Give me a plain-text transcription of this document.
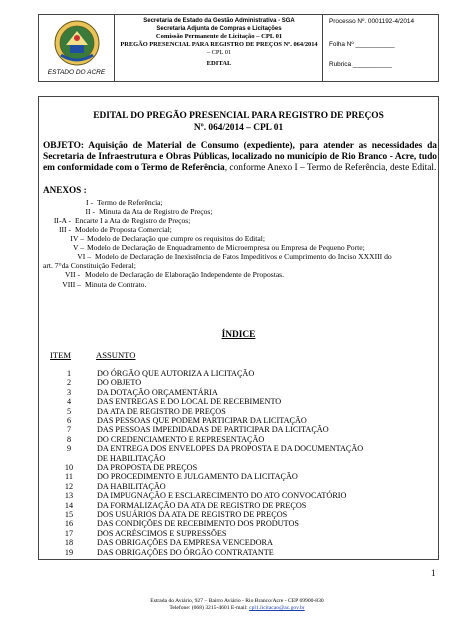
ESTADO DO ACRE
Secretaria de Estado da Gestão Administrativa - SGA
Secretaria Adjunta de Compras e Licitações
Comissão Permanente de Licitação – CPL 01
PREGÃO PRESENCIAL PARA REGISTRO DE PREÇOS Nº. 064/2014
– CPL 01
EDITAL
Processo Nº. 0001192-4/2014
Folha Nº ___________
Rubrica ___________
EDITAL DO PREGÃO PRESENCIAL PARA REGISTRO DE PREÇOS
Nº. 064/2014 – CPL 01
OBJETO: Aquisição de Material de Consumo (expediente), para atender as necessidades da Secretaria de Infraestrutura e Obras Públicas, localizado no município de Rio Branco - Acre, tudo em conformidade com o Termo de Referência, conforme Anexo I – Termo de Referência, deste Edital.
ANEXOS :
I - Termo de Referência;
II - Minuta da Ata de Registro de Preços;
II-A - Encarte I a Ata de Registro de Preços;
III - Modelo de Proposta Comercial;
IV – Modelo de Declaração que cumpre os requisitos do Edital;
V – Modelo de Declaração de Enquadramento de Microempresa ou Empresa de Pequeno Porte;
VI – Modelo de Declaração de Inexistência de Fatos Impeditivos e Cumprimento do Inciso XXXIII do
art. 7°da Constituição Federal;
VII - Modelo de Declaração de Elaboração Independente de Propostas.
VIII – Minuta de Contrato.
ÍNDICE
ITEM	ASSUNTO
1	DO ÓRGÃO QUE AUTORIZA A LICITAÇÃO
2	DO OBJETO
3	DA DOTAÇÃO ORÇAMENTÁRIA
4	DAS ENTREGAS E DO LOCAL DE RECEBIMENTO
5	DA ATA DE REGISTRO DE PREÇOS
6	DAS PESSOAS QUE PODEM PARTICIPAR DA LICITAÇÃO
7	DAS PESSOAS IMPEDIDADAS DE PARTICIPAR DA LICITAÇÃO
8	DO CREDENCIAMENTO E REPRESENTAÇÃO
9	DA ENTREGA DOS ENVELOPES DA PROPOSTA E DA DOCUMENTAÇÃO
DE HABILITAÇÃO
10	DA PROPOSTA DE PREÇOS
11	DO PROCEDIMENTO E JULGAMENTO DA LICITAÇÃO
12	DA HABILITAÇÃO
13	DA IMPUGNAÇÃO E ESCLARECIMENTO DO ATO CONVOCATÓRIO
14	DA FORMALIZAÇÃO DA ATA DE REGISTRO DE PREÇOS
15	DOS USUÁRIOS DA ATA DE REGISTRO DE PREÇOS
16	DAS CONDIÇÕES DE RECEBIMENTO DOS PRODUTOS
17	DOS ACRÉSCIMOS E SUPRESSÕES
18	DAS OBRIGAÇÕES DA EMPRESA VENCEDORA
19	DAS OBRIGAÇÕES DO ÓRGÃO CONTRATANTE
1
Estrada do Aviário, 927 – Bairro Aviário - Rio Branco/Acre - CEP 69900-830
Telefone: (068) 3215-4601 E-mail: cpl1.licitacao@ac.gov.br
